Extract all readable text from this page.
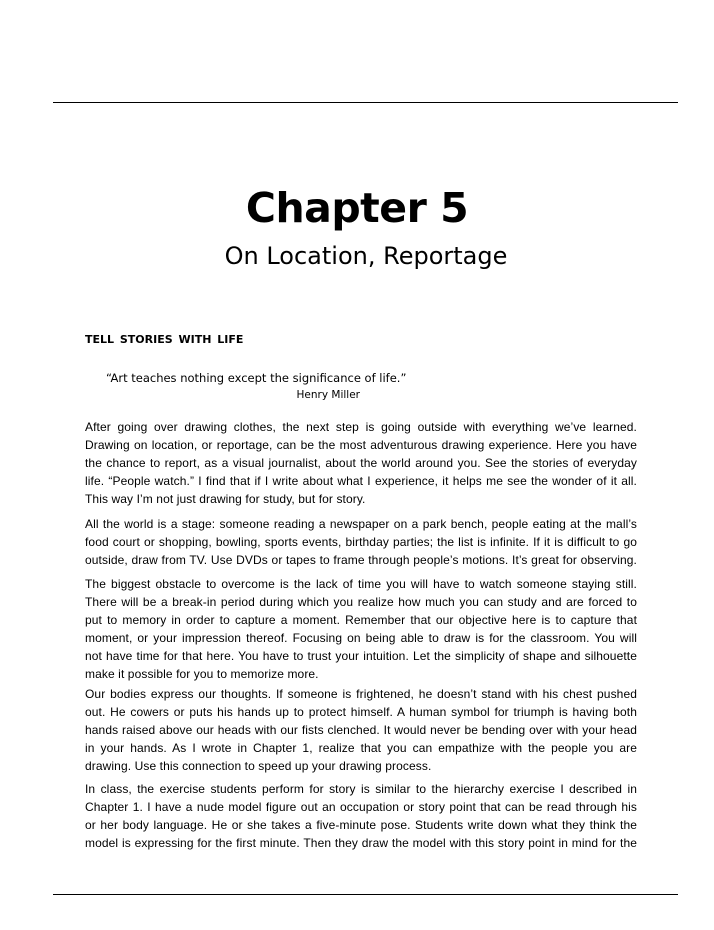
Chapter 5
On Location, Reportage
TELL STORIES WITH LIFE
“Art teaches nothing except the significance of life.”
Henry Miller

After going over drawing clothes, the next step is going outside with everything we’ve learned.
Drawing on location, or reportage, can be the most adventurous drawing experience. Here you have
the chance to report, as a visual journalist, about the world around you. See the stories of everyday
life. “People watch.” I find that if I write about what I experience, it helps me see the wonder of it all.
This way I’m not just drawing for study, but for story.

All the world is a stage: someone reading a newspaper on a park bench, people eating at the mall’s
food court or shopping, bowling, sports events, birthday parties; the list is infinite. If it is difficult to go
outside, draw from TV. Use DVDs or tapes to frame through people’s motions. It’s great for observing.

The biggest obstacle to overcome is the lack of time you will have to watch someone staying still.
There will be a break-in period during which you realize how much you can study and are forced to
put to memory in order to capture a moment. Remember that our objective here is to capture that
moment, or your impression thereof. Focusing on being able to draw is for the classroom. You will
not have time for that here. You have to trust your intuition. Let the simplicity of shape and silhouette
make it possible for you to memorize more.

Our bodies express our thoughts. If someone is frightened, he doesn’t stand with his chest pushed
out. He cowers or puts his hands up to protect himself. A human symbol for triumph is having both
hands raised above our heads with our fists clenched. It would never be bending over with your head
in your hands. As I wrote in Chapter 1, realize that you can empathize with the people you are
drawing. Use this connection to speed up your drawing process.

In class, the exercise students perform for story is similar to the hierarchy exercise I described in
Chapter 1. I have a nude model figure out an occupation or story point that can be read through his
or her body language. He or she takes a five-minute pose. Students write down what they think the
model is expressing for the first minute. Then they draw the model with this story point in mind for the
